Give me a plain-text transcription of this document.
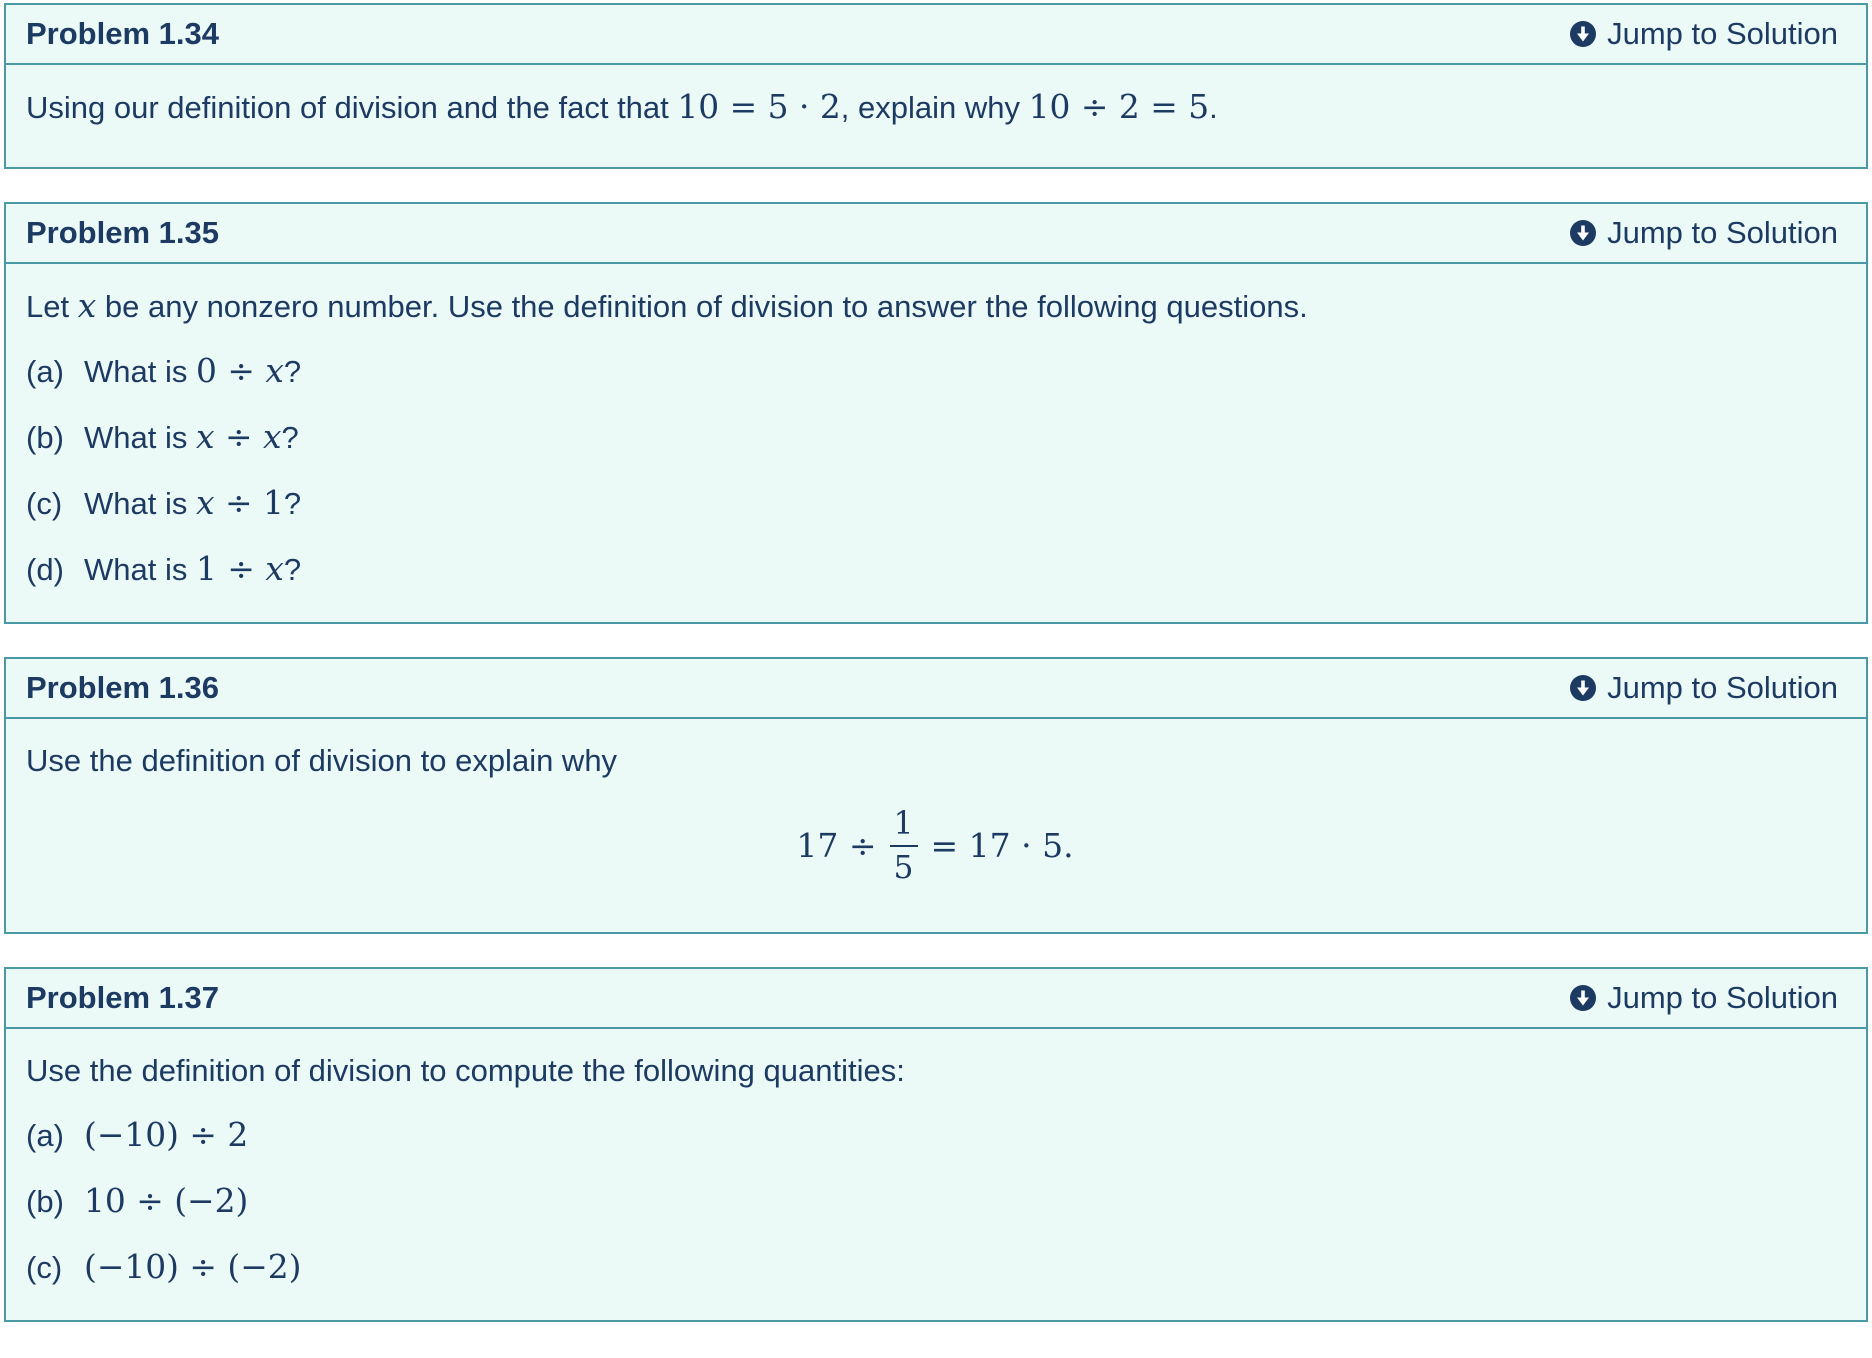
Problem 1.34	Jump to Solution

Using our definition of division and the fact that 10 = 5 · 2, explain why 10 ÷ 2 = 5.

Problem 1.35	Jump to Solution

Let x be any nonzero number. Use the definition of division to answer the following questions.

(a) What is 0 ÷ x?
(b) What is x ÷ x?
(c) What is x ÷ 1?
(d) What is 1 ÷ x?
Problem 1.36	Jump to Solution

Use the definition of division to explain why

$17 \div \frac{1}{5} = 17 \cdot 5$.
Problem 1.37	Jump to Solution

Use the definition of division to compute the following quantities:

(a) (−10) ÷ 2
(b) 10 ÷ (−2)
(c) (−10) ÷ (−2)
